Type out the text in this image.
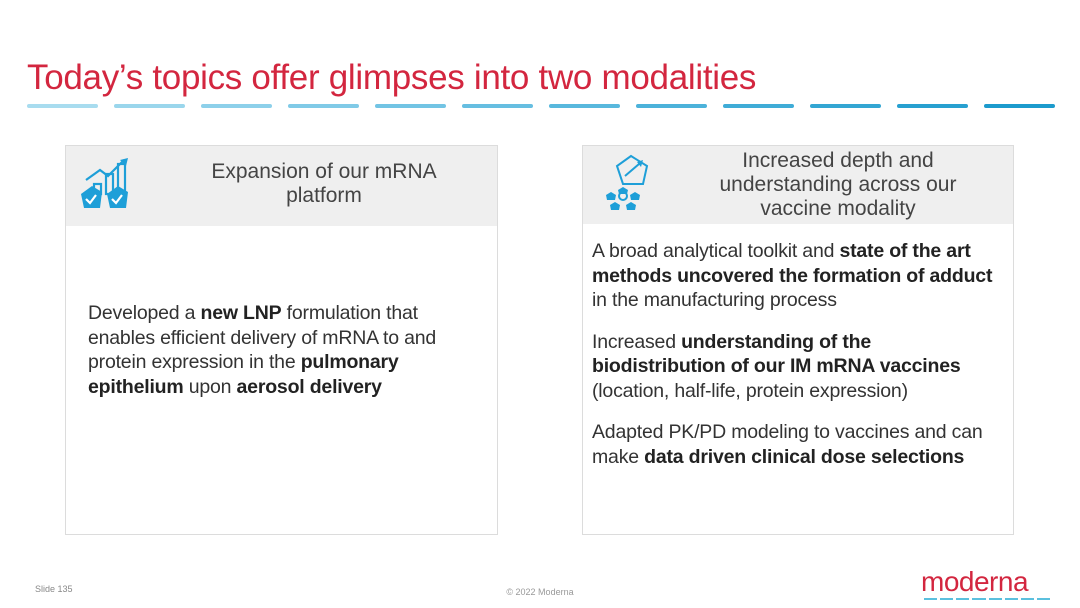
Today’s topics offer glimpses into two modalities
Expansion of our mRNA platform

Developed a new LNP formulation that enables efficient delivery of mRNA to and protein expression in the pulmonary epithelium upon aerosol delivery

Increased depth and understanding across our vaccine modality

A broad analytical toolkit and state of the art methods uncovered the formation of adduct in the manufacturing process

Increased understanding of the biodistribution of our IM mRNA vaccines (location, half-life, protein expression)

Adapted PK/PD modeling to vaccines and can make data driven clinical dose selections

Slide 135	© 2022 Moderna	moderna
